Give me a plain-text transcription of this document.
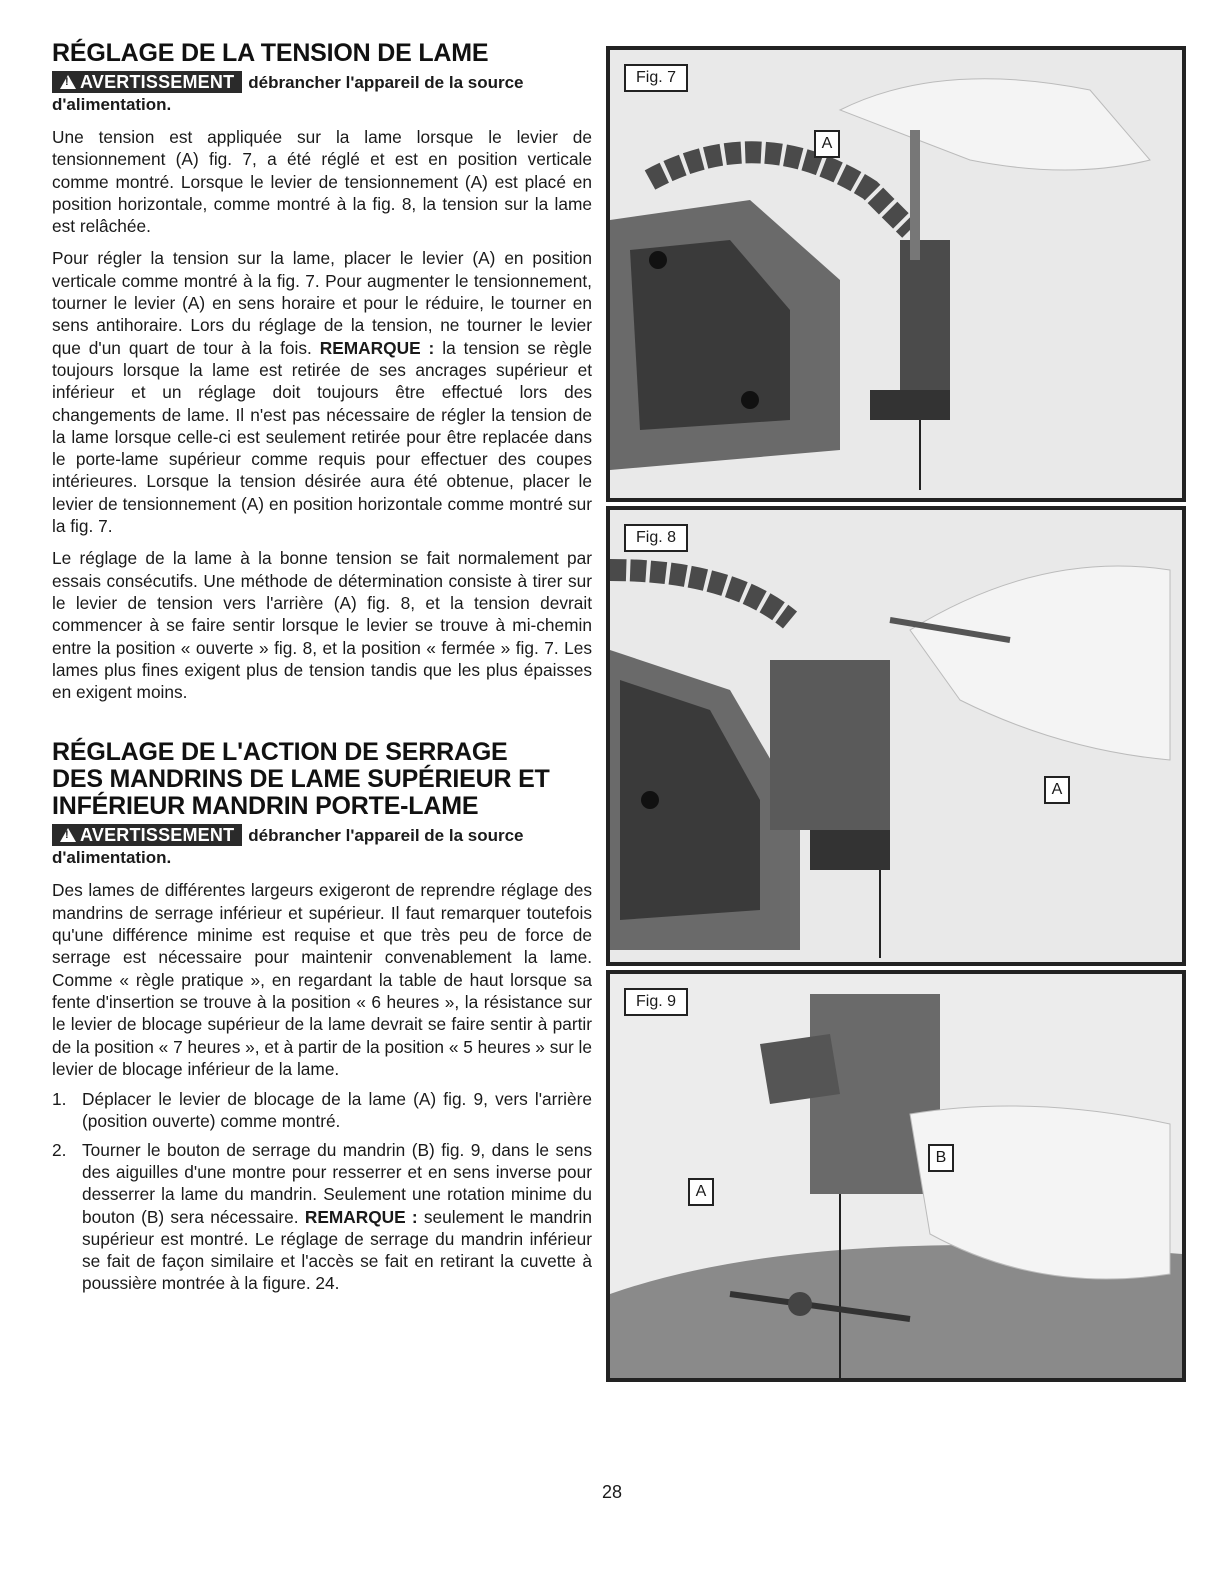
RÉGLAGE DE LA TENSION DE LAME
!AVERTISSEMENT débrancher l'appareil de la source
d'alimentation.

Une tension est appliquée sur la lame lorsque le levier de tensionnement (A) fig. 7, a été réglé et est en position verticale comme montré. Lorsque le levier de tensionnement (A) est placé en position horizontale, comme montré à la fig. 8, la tension sur la lame est relâchée.

Pour régler la tension sur la lame, placer le levier (A) en position verticale comme montré à la fig. 7. Pour augmenter le tensionnement, tourner le levier (A) en sens horaire et pour le réduire, le tourner en sens antihoraire. Lors du réglage de la tension, ne tourner le levier que d'un quart de tour à la fois. REMARQUE : la tension se règle toujours lorsque la lame est retirée de ses ancrages supérieur et inférieur et un réglage doit toujours être effectué lors des changements de lame. Il n'est pas nécessaire de régler la tension de la lame lorsque celle-ci est seulement retirée pour être replacée dans le porte-lame supérieur comme requis pour effectuer des coupes intérieures. Lorsque la tension désirée aura été obtenue, placer le levier de tensionnement (A) en position horizontale comme montré sur la fig. 7.

Le réglage de la lame à la bonne tension se fait normalement par essais consécutifs. Une méthode de détermination consiste à tirer sur le levier de tension vers l'arrière (A) fig. 8, et la tension devrait commencer à se faire sentir lorsque le levier se trouve à mi-chemin entre la position « ouverte » fig. 8, et la position « fermée » fig. 7. Les lames plus fines exigent plus de tension tandis que les plus épaisses en exigent moins.

RÉGLAGE DE L'ACTION DE SERRAGE
DES MANDRINS DE LAME SUPÉRIEUR ET
INFÉRIEUR MANDRIN PORTE-LAME
!AVERTISSEMENT débrancher l'appareil de la source
d'alimentation.

Des lames de différentes largeurs exigeront de reprendre réglage des mandrins de serrage inférieur et supérieur. Il faut remarquer toutefois qu'une différence minime est requise et que très peu de force de serrage est nécessaire pour maintenir convenablement la lame. Comme « règle pratique », en regardant la table de haut lorsque sa fente d'insertion se trouve à la position « 6 heures », la résistance sur le levier de blocage supérieur de la lame devrait se faire sentir à partir de la position « 7 heures », et à partir de la position « 5 heures » sur le levier de blocage inférieur de la lame.

1. Déplacer le levier de blocage de la lame (A) fig. 9, vers l'arrière (position ouverte) comme montré.
2. Tourner le bouton de serrage du mandrin (B) fig. 9, dans le sens des aiguilles d'une montre pour resserrer et en sens inverse pour desserrer la lame du mandrin. Seulement une rotation minime du bouton (B) sera nécessaire. REMARQUE : seulement le mandrin supérieur est montré. Le réglage de serrage du mandrin inférieur se fait de façon similaire et l'accès se fait en retirant la cuvette à poussière montrée à la figure. 24.
Fig. 7
A
Fig. 8
A
Fig. 9
A
B
28
